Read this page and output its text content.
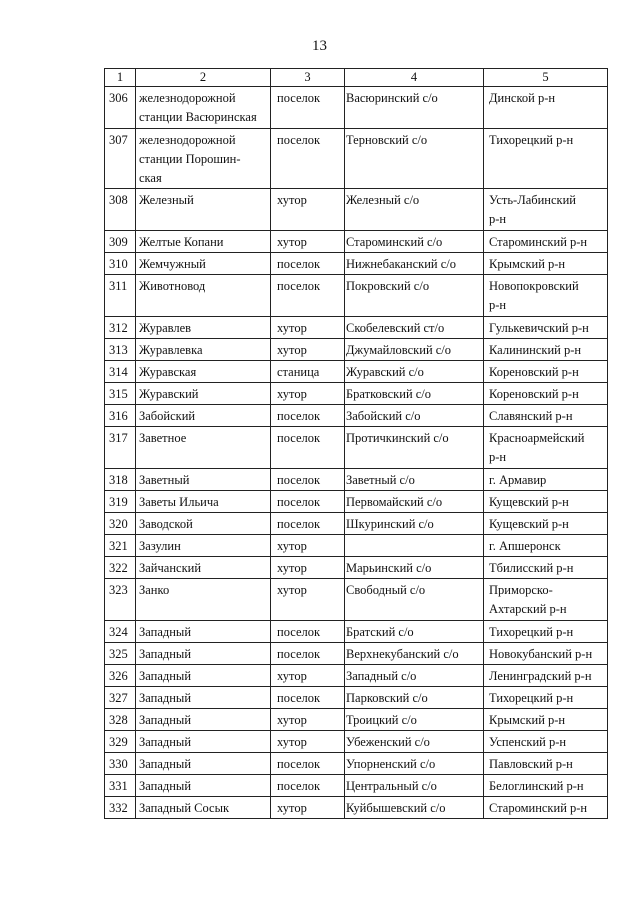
13
1	2	3	4	5
306	железнодорожной
станции Васюринская	поселок	Васюринский с/о	Динской р-н

307	железнодорожной
станции Порошин-
ская	поселок	Терновский с/о	Тихорецкий р-н

308	Железный	хутор	Железный с/о	Усть-Лабинский
р-н

309	Желтые Копани	хутор	Староминский с/о	Староминский р-н

310	Жемчужный	поселок	Нижнебаканский с/о	Крымский р-н

311	Животновод	поселок	Покровский с/о	Новопокровский
р-н

312	Журавлев	хутор	Скобелевский ст/о	Гулькевичский р-н

313	Журавлевка	хутор	Джумайловский с/о	Калининский р-н

314	Журавская	станица	Журавский с/о	Кореновский р-н

315	Журавский	хутор	Братковский с/о	Кореновский р-н

316	Забойский	поселок	Забойский с/о	Славянский р-н

317	Заветное	поселок	Протичкинский с/о	Красноармейский
р-н

318	Заветный	поселок	Заветный с/о	г. Армавир

319	Заветы Ильича	поселок	Первомайский с/о	Кущевский р-н

320	Заводской	поселок	Шкуринский с/о	Кущевский р-н

321	Зазулин	хутор		г. Апшеронск

322	Зайчанский	хутор	Марьинский с/о	Тбилисский р-н

323	Занко	хутор	Свободный с/о	Приморско-
Ахтарский р-н

324	Западный	поселок	Братский с/о	Тихорецкий р-н

325	Западный	поселок	Верхнекубанский с/о	Новокубанский р-н

326	Западный	хутор	Западный с/о	Ленинградский р-н

327	Западный	поселок	Парковский с/о	Тихорецкий р-н

328	Западный	хутор	Троицкий с/о	Крымский р-н

329	Западный	хутор	Убеженский с/о	Успенский р-н

330	Западный	поселок	Упорненский с/о	Павловский р-н

331	Западный	поселок	Центральный с/о	Белоглинский р-н

332	Западный Сосык	хутор	Куйбышевский с/о	Староминский р-н
